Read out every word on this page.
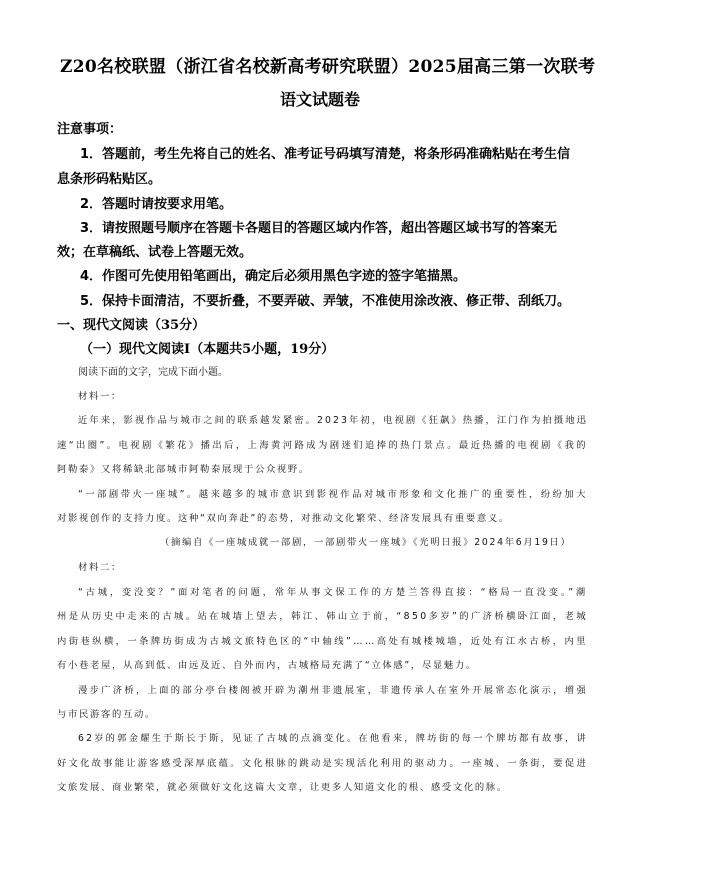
Z20名校联盟（浙江省名校新高考研究联盟）2025届高三第一次联考
语文试题卷
注意事项：
1．答题前，考生先将自己的姓名、准考证号码填写清楚，将条形码准确粘贴在考生信
息条形码粘贴区。
2．答题时请按要求用笔。
3．请按照题号顺序在答题卡各题目的答题区域内作答，超出答题区域书写的答案无
效；在草稿纸、试卷上答题无效。
4．作图可先使用铅笔画出，确定后必须用黑色字迹的签字笔描黑。
5．保持卡面清洁，不要折叠，不要弄破、弄皱，不准使用涂改液、修正带、刮纸刀。
一、现代文阅读（35分）
（一）现代文阅读Ⅰ（本题共5小题，19分）
阅读下面的文字，完成下面小题。
材料一：
近年来，影视作品与城市之间的联系越发紧密。2023年初，电视剧《狂飙》热播，江门作为拍摄地迅
速“出圈”。电视剧《繁花》播出后，上海黄河路成为剧迷们追捧的热门景点。最近热播的电视剧《我的
阿勒泰》又将稀缺北部城市阿勒泰展现于公众视野。
“一部剧带火一座城”。越来越多的城市意识到影视作品对城市形象和文化推广的重要性，纷纷加大
对影视创作的支持力度。这种“双向奔赴”的态势，对推动文化繁荣、经济发展具有重要意义。
（摘编自《一座城成就一部剧，一部剧带火一座城》《光明日报》2024年6月19日）
材料二：
“古城，变没变？”面对笔者的问题，常年从事文保工作的方楚兰答得直接：“格局一直没变。”潮
州是从历史中走来的古城。站在城墙上望去，韩江、韩山立于前，“850多岁”的广济桥横卧江面，老城
内街巷纵横，一条牌坊街成为古城文旅特色区的“中轴线”……高处有城楼城墙，近处有江水古桥，内里
有小巷老屋，从高到低、由远及近、自外而内，古城格局充满了“立体感”，尽显魅力。
漫步广济桥，上面的部分亭台楼阁被开辟为潮州非遗展室，非遗传承人在室外开展常态化演示，增强
与市民游客的互动。
62岁的郭金耀生于斯长于斯，见证了古城的点滴变化。在他看来，牌坊街的每一个牌坊都有故事，讲
好文化故事能让游客感受深厚底蕴。文化根脉的跳动是实现活化利用的驱动力。一座城、一条街，要促进
文旅发展、商业繁荣，就必须做好文化这篇大文章，让更多人知道文化的根、感受文化的脉。
